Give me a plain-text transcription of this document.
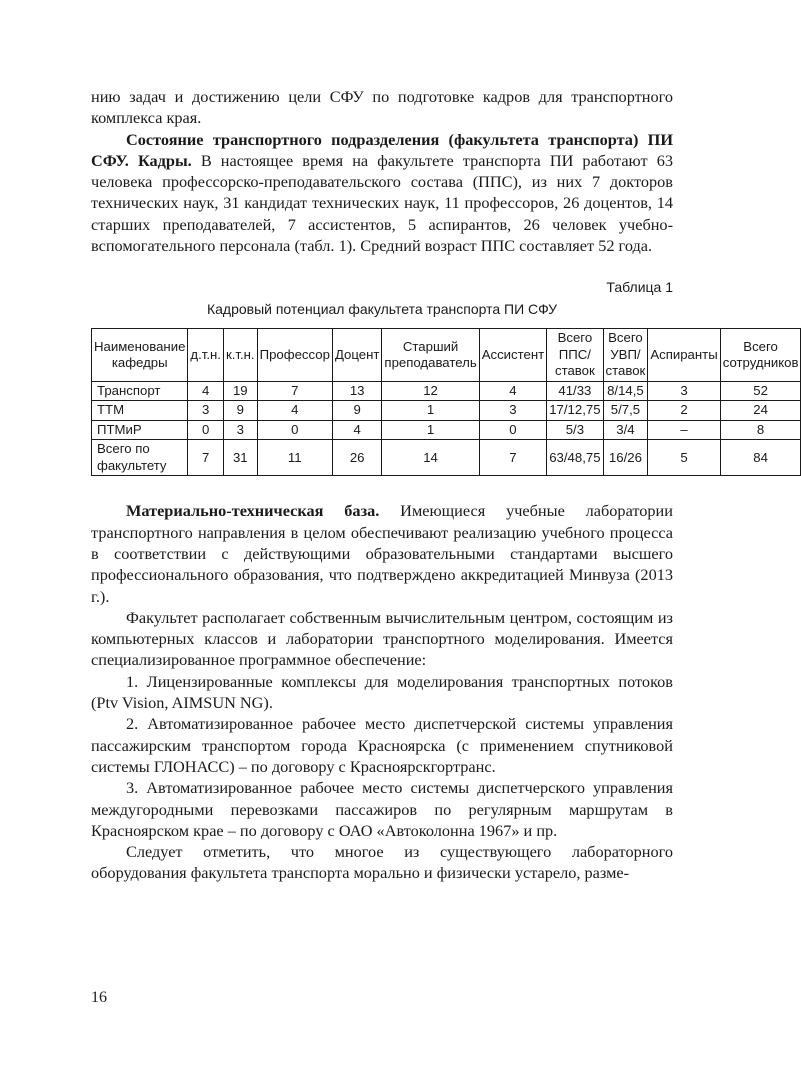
нию задач и достижению цели СФУ по подготовке кадров для транспортного комплекса края.

Состояние транспортного подразделения (факультета транспорта) ПИ СФУ. Кадры. В настоящее время на факультете транспорта ПИ работают 63 человека профессорско-преподавательского состава (ППС), из них 7 докторов технических наук, 31 кандидат технических наук, 11 профессоров, 26 доцентов, 14 старших преподавателей, 7 ассистентов, 5 аспирантов, 26 человек учебно-вспомогательного персонала (табл. 1). Средний возраст ППС составляет 52 года.

Таблица 1
Кадровый потенциал факультета транспорта ПИ СФУ
Наименование кафедры	д.т.н.	к.т.н.	Профессор	Доцент	Старший преподаватель	Ассистент	Всего ППС/ ставок	Всего УВП/ ставок	Аспиранты	Всего сотрудников
Транспорт	4	19	7	13	12	4	41/33	8/14,5	3	52
ТТМ	3	9	4	9	1	3	17/12,75	5/7,5	2	24
ПТМиР	0	3	0	4	1	0	5/3	3/4	–	8
Всего по факультету	7	31	11	26	14	7	63/48,75	16/26	5	84

Материально-техническая база. Имеющиеся учебные лаборатории транспортного направления в целом обеспечивают реализацию учебного процесса в соответствии с действующими образовательными стандартами высшего профессионального образования, что подтверждено аккредитацией Минвуза (2013 г.).

Факультет располагает собственным вычислительным центром, состоящим из компьютерных классов и лаборатории транспортного моделирования. Имеется специализированное программное обеспечение:

1. Лицензированные комплексы для моделирования транспортных потоков (Ptv Vision, AIMSUN NG).

2. Автоматизированное рабочее место диспетчерской системы управления пассажирским транспортом города Красноярска (с применением спутниковой системы ГЛОНАСС) – по договору с Красноярскгортранс.

3. Автоматизированное рабочее место системы диспетчерского управления междугородными перевозками пассажиров по регулярным маршрутам в Красноярском крае – по договору с ОАО «Автоколонна 1967» и пр.

Следует отметить, что многое из существующего лабораторного оборудования факультета транспорта морально и физически устарело, разме-

16
